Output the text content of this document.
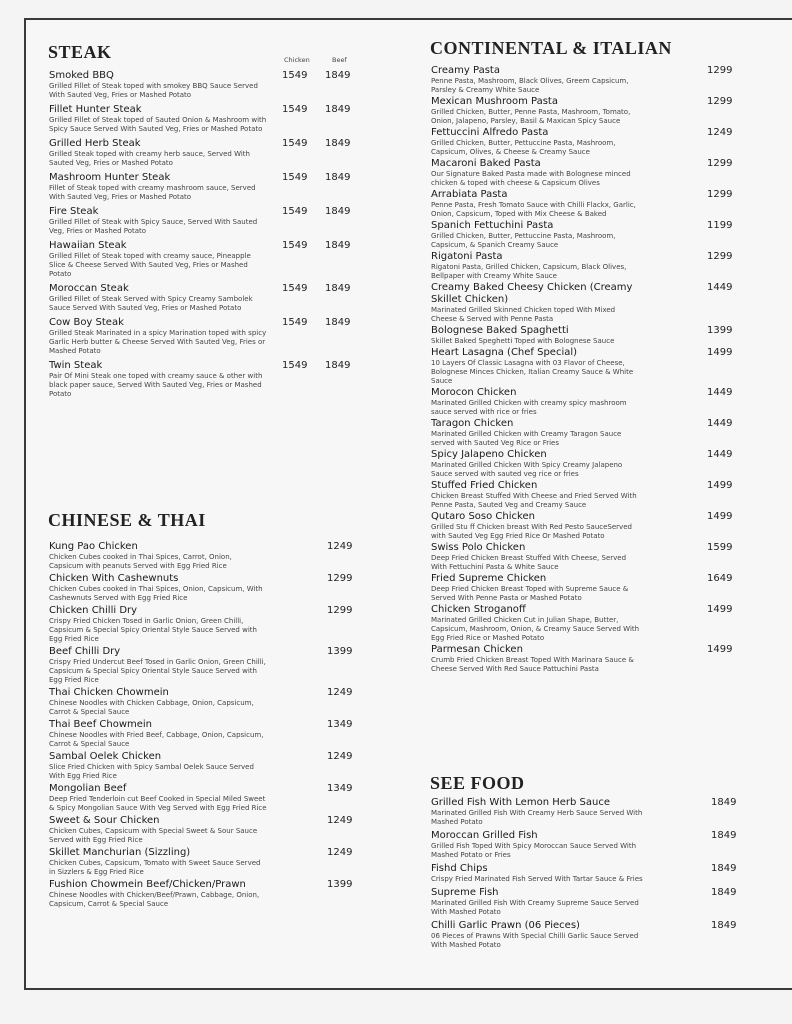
STEAK	Chicken	Beef
Smoked BBQ
Grilled Fillet of Steak toped with smokey BBQ Sauce Served With Sauted Veg, Fries or Mashed Potato
1549 1849
Fillet Hunter Steak
Grilled Fillet of Steak toped of Sauted Onion & Mashroom with Spicy Sauce Served With Sauted Veg, Fries or Mashed Potato
1549 1849
Grilled Herb Steak
Grilled Steak toped with creamy herb sauce, Served With Sauted Veg, Fries or Mashed Potato
1549 1849
Mashroom Hunter Steak
Fillet of Steak toped with creamy mashroom sauce, Served With Sauted Veg, Fries or Mashed Potato
1549 1849
Fire Steak
Grilled Fillet of Steak with Spicy Sauce, Served With Sauted Veg, Fries or Mashed Potato
1549 1849
Hawaiian Steak
Grilled Fillet of Steak toped with creamy sauce, Pineapple Slice & Cheese Served With Sauted Veg, Fries or Mashed Potato
1549 1849
Moroccan Steak
Grilled Fillet of Steak Served with Spicy Creamy Sambolek Sauce Served With Sauted Veg, Fries or Mashed Potato
1549 1849
Cow Boy Steak
Grilled Steak Marinated in a spicy Marination toped with spicy Garlic Herb butter & Cheese Served With Sauted Veg, Fries or Mashed Potato
1549 1849
Twin Steak
Pair Of Mini Steak one toped with creamy sauce & other with black paper sauce, Served With Sauted Veg, Fries or Mashed Potato
1549 1849
CHINESE & THAI
Kung Pao Chicken
Chicken Cubes cooked in Thai Spices, Carrot, Onion, Capsicum with peanuts Served with Egg Fried Rice
1249
Chicken With Cashewnuts
Chicken Cubes cooked in Thai Spices, Onion, Capsicum, With Cashewnuts Served with Egg Fried Rice
1299
Chicken Chilli Dry
Crispy Fried Chicken Tosed in Garlic Onion, Green Chilli, Capsicum & Special Spicy Oriental Style Sauce Served with Egg Fried Rice
1299
Beef Chilli Dry
Crispy Fried Undercut Beef Tosed in Garlic Onion, Green Chilli, Capsicum & Special Spicy Oriental Style Sauce Served with Egg Fried Rice
1399
Thai Chicken Chowmein
Chinese Noodles with Chicken Cabbage, Onion, Capsicum, Carrot & Special Sauce
1249
Thai Beef Chowmein
Chinese Noodles with Fried Beef, Cabbage, Onion, Capsicum, Carrot & Special Sauce
1349
Sambal Oelek Chicken
Slice Fried Chicken with Spicy Sambal Oelek Sauce Served With Egg Fried Rice
1249
Mongolian Beef
Deep Fried Tenderloin cut Beef Cooked in Special Miled Sweet & Spicy Mongolian Sauce With Veg Served with Egg Fried Rice
1349
Sweet & Sour Chicken
Chicken Cubes, Capsicum with Special Sweet & Sour Sauce Served with Egg Fried Rice
1249
Skillet Manchurian (Sizzling)
Chicken Cubes, Capsicum, Tomato with Sweet Sauce Served in Sizzlers & Egg Fried Rice
1249
Fushion Chowmein Beef/Chicken/Prawn
Chinese Noodles with Chicken/Beef/Prawn, Cabbage, Onion, Capsicum, Carrot & Special Sauce
1399
CONTINENTAL & ITALIAN
Creamy Pasta
Penne Pasta, Mashroom, Black Olives, Greem Capsicum, Parsley & Creamy White Sauce
1299
Mexican Mushroom Pasta
Grilled Chicken, Butter, Penne Pasta, Mashroom, Tomato, Onion, Jalapeno, Parsley, Basil & Maxican Spicy Sauce
1299
Fettuccini Alfredo Pasta
Grilled Chicken, Butter, Pettuccine Pasta, Mashroom, Capsicum, Olives, & Cheese & Creamy Sauce
1249
Macaroni Baked Pasta
Our Signature Baked Pasta made with Bolognese minced chicken & toped with cheese & Capsicum Olives
1299
Arrabiata Pasta
Penne Pasta, Fresh Tomato Sauce with Chilli Flackx, Garlic, Onion, Capsicum, Toped with Mix Cheese & Baked
1299
Spanich Fettuchini Pasta
Grilled Chicken, Butter, Pettuccine Pasta, Mashroom, Capsicum, & Spanich Creamy Sauce
1199
Rigatoni Pasta
Rigatoni Pasta, Grilled Chicken, Capsicum, Black Olives, Bellpaper with Creamy White Sauce
1299
Creamy Baked Cheesy Chicken (Creamy Skillet Chicken)
Marinated Grilled Skinned Chicken toped With Mixed Cheese & Served with Penne Pasta
1449
Bolognese Baked Spaghetti
Skillet Baked Speghetti Toped with Bolognese Sauce
1399
Heart Lasagna (Chef Special)
10 Layers Of Classic Lasagna with 03 Flavor of Cheese, Bolognese Minces Chicken, Italian Creamy Sauce & White Sauce
1499
Morocon Chicken
Marinated Grilled Chicken with creamy spicy mashroom sauce served with rice or fries
1449
Taragon Chicken
Marinated Grilled Chicken with Creamy Taragon Sauce served with Sauted Veg Rice or Fries
1449
Spicy Jalapeno Chicken
Marinated Grilled Chicken With Spicy Creamy Jalapeno Sauce served with sauted veg rice or fries
1449
Stuffed Fried Chicken
Chicken Breast Stuffed With Cheese and Fried Served With Penne Pasta, Sauted Veg and Creamy Sauce
1499
Qutaro Soso Chicken
Grilled Stu ff Chicken breast With Red Pesto SauceServed with Sauted Veg Egg Fried Rice Or Mashed Potato
1499
Swiss Polo Chicken
Deep Fried Chicken Breast Stuffed With Cheese, Served With Fettuchini Pasta & White Sauce
1599
Fried Supreme Chicken
Deep Fried Chicken Breast Toped with Supreme Sauce & Served With Penne Pasta or Mashed Potato
1649
Chicken Stroganoff
Marinated Grilled Chicken Cut in Julian Shape, Butter, Capsicum, Mashroom, Onion, & Creamy Sauce Served With Egg Fried Rice or Mashed Potato
1499
Parmesan Chicken
Crumb Fried Chicken Breast Toped With Marinara Sauce & Cheese Served With Red Sauce Pattuchini Pasta
1499
SEE FOOD
Grilled Fish With Lemon Herb Sauce
Marinated Grilled Fish With Creamy Herb Sauce Served With Mashed Potato
1849
Moroccan Grilled Fish
Grilled Fish Toped With Spicy Moroccan Sauce Served With Mashed Potato or Fries
1849
Fishd Chips
Crispy Fried Marinated Fish Served With Tartar Sauce & Fries
1849
Supreme Fish
Marinated Grilled Fish With Creamy Supreme Sauce Served With Mashed Potato
1849
Chilli Garlic Prawn (06 Pieces)
06 Pieces of Prawns With Special Chilli Garlic Sauce Served With Mashed Potato
1849
